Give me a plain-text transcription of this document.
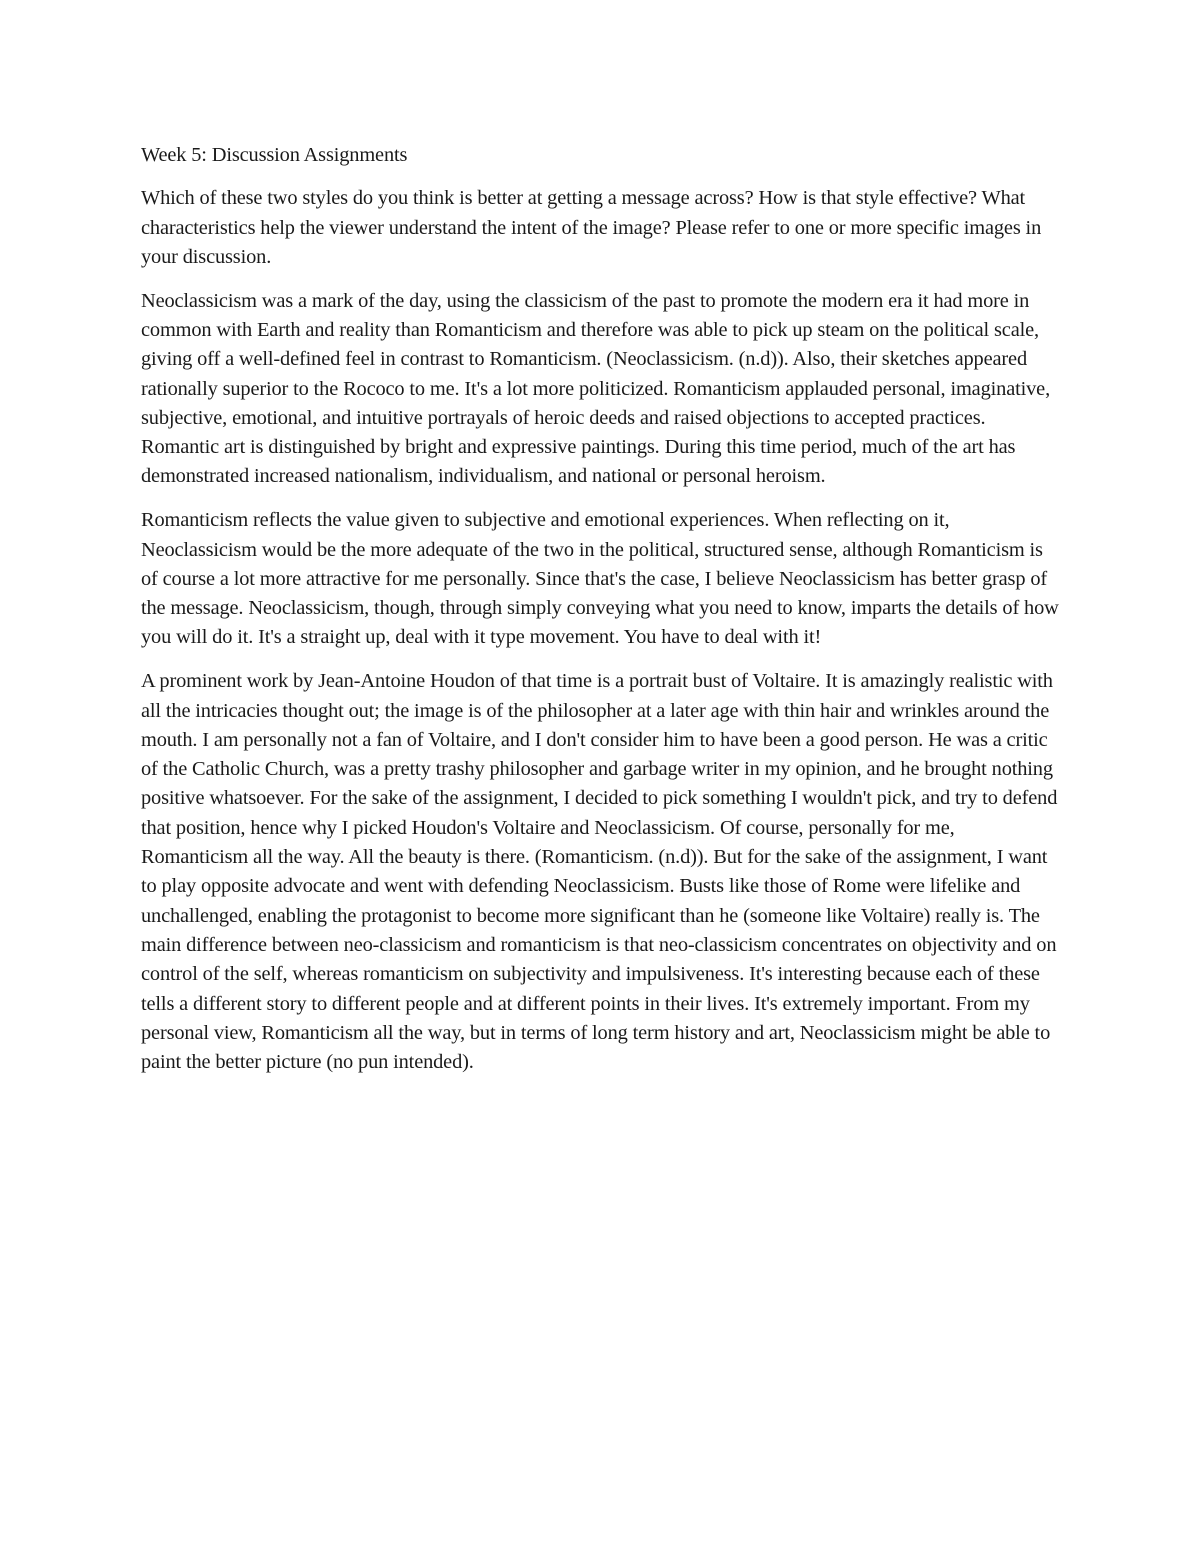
Week 5: Discussion Assignments

Which of these two styles do you think is better at getting a message across? How is that style effective? What characteristics help the viewer understand the intent of the image? Please refer to one or more specific images in your discussion.

Neoclassicism was a mark of the day, using the classicism of the past to promote the modern era it had more in common with Earth and reality than Romanticism and therefore was able to pick up steam on the political scale, giving off a well-defined feel in contrast to Romanticism. (Neoclassicism. (n.d)). Also, their sketches appeared rationally superior to the Rococo to me. It's a lot more politicized. Romanticism applauded personal, imaginative, subjective, emotional, and intuitive portrayals of heroic deeds and raised objections to accepted practices. Romantic art is distinguished by bright and expressive paintings. During this time period, much of the art has demonstrated increased nationalism, individualism, and national or personal heroism.

Romanticism reflects the value given to subjective and emotional experiences. When reflecting on it, Neoclassicism would be the more adequate of the two in the political, structured sense, although Romanticism is of course a lot more attractive for me personally. Since that's the case, I believe Neoclassicism has better grasp of the message. Neoclassicism, though, through simply conveying what you need to know, imparts the details of how you will do it. It's a straight up, deal with it type movement. You have to deal with it!

A prominent work by Jean-Antoine Houdon of that time is a portrait bust of Voltaire. It is amazingly realistic with all the intricacies thought out; the image is of the philosopher at a later age with thin hair and wrinkles around the mouth. I am personally not a fan of Voltaire, and I don't consider him to have been a good person. He was a critic of the Catholic Church, was a pretty trashy philosopher and garbage writer in my opinion, and he brought nothing positive whatsoever. For the sake of the assignment, I decided to pick something I wouldn't pick, and try to defend that position, hence why I picked Houdon's Voltaire and Neoclassicism. Of course, personally for me, Romanticism all the way. All the beauty is there. (Romanticism. (n.d)). But for the sake of the assignment, I want to play opposite advocate and went with defending Neoclassicism. Busts like those of Rome were lifelike and unchallenged, enabling the protagonist to become more significant than he (someone like Voltaire) really is. The main difference between neo-classicism and romanticism is that neo-classicism concentrates on objectivity and on control of the self, whereas romanticism on subjectivity and impulsiveness. It's interesting because each of these tells a different story to different people and at different points in their lives. It's extremely important. From my personal view, Romanticism all the way, but in terms of long term history and art, Neoclassicism might be able to paint the better picture (no pun intended).
